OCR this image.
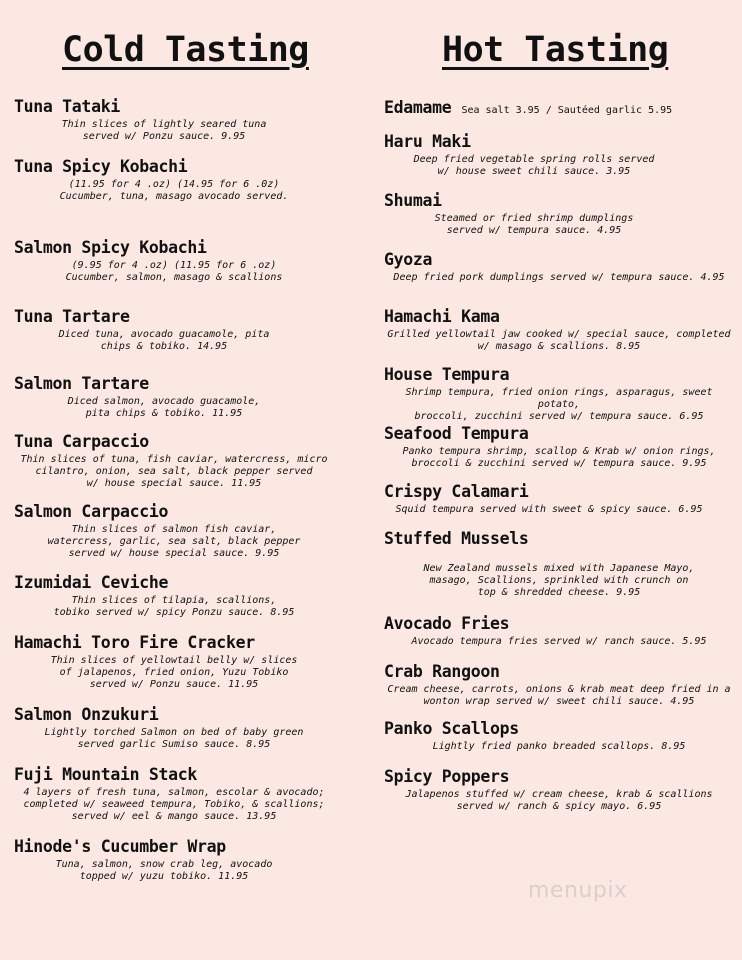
Cold Tasting
Tuna Tataki
Thin slices of lightly seared tuna
served w/ Ponzu sauce. 9.95
Tuna Spicy Kobachi
(11.95 for 4 .oz) (14.95 for 6 .0z)
Cucumber, tuna, masago avocado served.
Salmon Spicy Kobachi
(9.95 for 4 .oz) (11.95 for 6 .oz)
Cucumber, salmon, masago & scallions
Tuna Tartare
Diced tuna, avocado guacamole, pita
chips & tobiko. 14.95
Salmon Tartare
Diced salmon, avocado guacamole,
pita chips & tobiko. 11.95
Tuna Carpaccio
Thin slices of tuna, fish caviar, watercress, micro
cilantro, onion, sea salt, black pepper served
w/ house special sauce. 11.95
Salmon Carpaccio
Thin slices of salmon fish caviar,
watercress, garlic, sea salt, black pepper
served w/ house special sauce. 9.95
Izumidai Ceviche
Thin slices of tilapia, scallions,
tobiko served w/ spicy Ponzu sauce. 8.95
Hamachi Toro Fire Cracker
Thin slices of yellowtail belly w/ slices
of jalapenos, fried onion, Yuzu Tobiko
served w/ Ponzu sauce. 11.95
Salmon Onzukuri
Lightly torched Salmon on bed of baby green
served garlic Sumiso sauce. 8.95
Fuji Mountain Stack
4 layers of fresh tuna, salmon, escolar & avocado;
completed w/ seaweed tempura, Tobiko, & scallions;
served w/ eel & mango sauce. 13.95
Hinode's Cucumber Wrap
Tuna, salmon, snow crab leg, avocado
topped w/ yuzu tobiko. 11.95
Hot Tasting
Edamame Sea salt 3.95 / Sautéed garlic 5.95
Haru Maki
Deep fried vegetable spring rolls served
w/ house sweet chili sauce. 3.95
Shumai
Steamed or fried shrimp dumplings
served w/ tempura sauce. 4.95
Gyoza
Deep fried pork dumplings served w/ tempura sauce. 4.95
Hamachi Kama
Grilled yellowtail jaw cooked w/ special sauce, completed
w/ masago & scallions. 8.95
House Tempura
Shrimp tempura, fried onion rings, asparagus, sweet potato,
broccoli, zucchini served w/ tempura sauce. 6.95
Seafood Tempura
Panko tempura shrimp, scallop & Krab w/ onion rings,
broccoli & zucchini served w/ tempura sauce. 9.95
Crispy Calamari
Squid tempura served with sweet & spicy sauce. 6.95
Stuffed Mussels
New Zealand mussels mixed with Japanese Mayo,
masago, Scallions, sprinkled with crunch on
top & shredded cheese. 9.95
Avocado Fries
Avocado tempura fries served w/ ranch sauce. 5.95
Crab Rangoon
Cream cheese, carrots, onions & krab meat deep fried in a
wonton wrap served w/ sweet chili sauce. 4.95
Panko Scallops
Lightly fried panko breaded scallops. 8.95
Spicy Poppers
Jalapenos stuffed w/ cream cheese, krab & scallions
served w/ ranch & spicy mayo. 6.95
menupix
